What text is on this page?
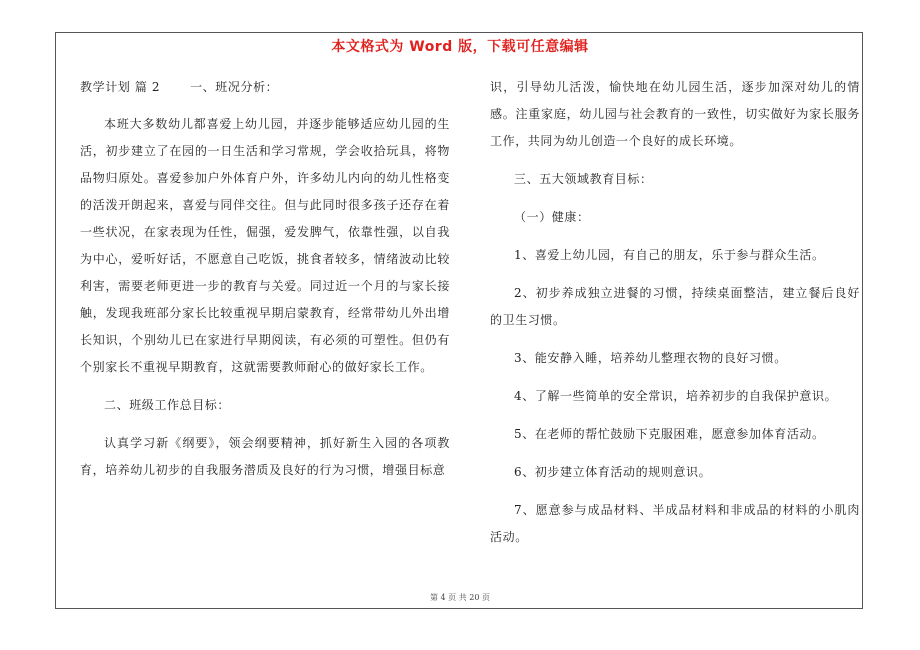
本文格式为 Word 版，下载可任意编辑

教学计划 篇 2	一、班况分析：

本班大多数幼儿都喜爱上幼儿园，并逐步能够适应幼儿园的生活，初步建立了在园的一日生活和学习常规，学会收拾玩具，将物品物归原处。喜爱参加户外体育户外，许多幼儿内向的幼儿性格变的活泼开朗起来，喜爱与同伴交往。但与此同时很多孩子还存在着一些状况，在家表现为任性，倔强，爱发脾气，依靠性强，以自我为中心，爱听好话，不愿意自己吃饭，挑食者较多，情绪波动比较利害，需要老师更进一步的教育与关爱。同过近一个月的与家长接触，发现我班部分家长比较重视早期启蒙教育，经常带幼儿外出增长知识，个别幼儿已在家进行早期阅读，有必须的可塑性。但仍有个别家长不重视早期教育，这就需要教师耐心的做好家长工作。

二、班级工作总目标：

认真学习新《纲要》，领会纲要精神，抓好新生入园的各项教育，培养幼儿初步的自我服务潜质及良好的行为习惯，增强目标意

识，引导幼儿活泼，愉快地在幼儿园生活，逐步加深对幼儿的情感。注重家庭，幼儿园与社会教育的一致性，切实做好为家长服务工作，共同为幼儿创造一个良好的成长环境。

三、五大领域教育目标：

（一）健康：

1、喜爱上幼儿园，有自己的朋友，乐于参与群众生活。

2、初步养成独立进餐的习惯，持续桌面整洁，建立餐后良好的卫生习惯。

3、能安静入睡，培养幼儿整理衣物的良好习惯。

4、了解一些简单的安全常识，培养初步的自我保护意识。

5、在老师的帮忙鼓励下克服困难，愿意参加体育活动。

6、初步建立体育活动的规则意识。

7、愿意参与成品材料、半成品材料和非成品的材料的小肌肉活动。

第 4 页 共 20 页
